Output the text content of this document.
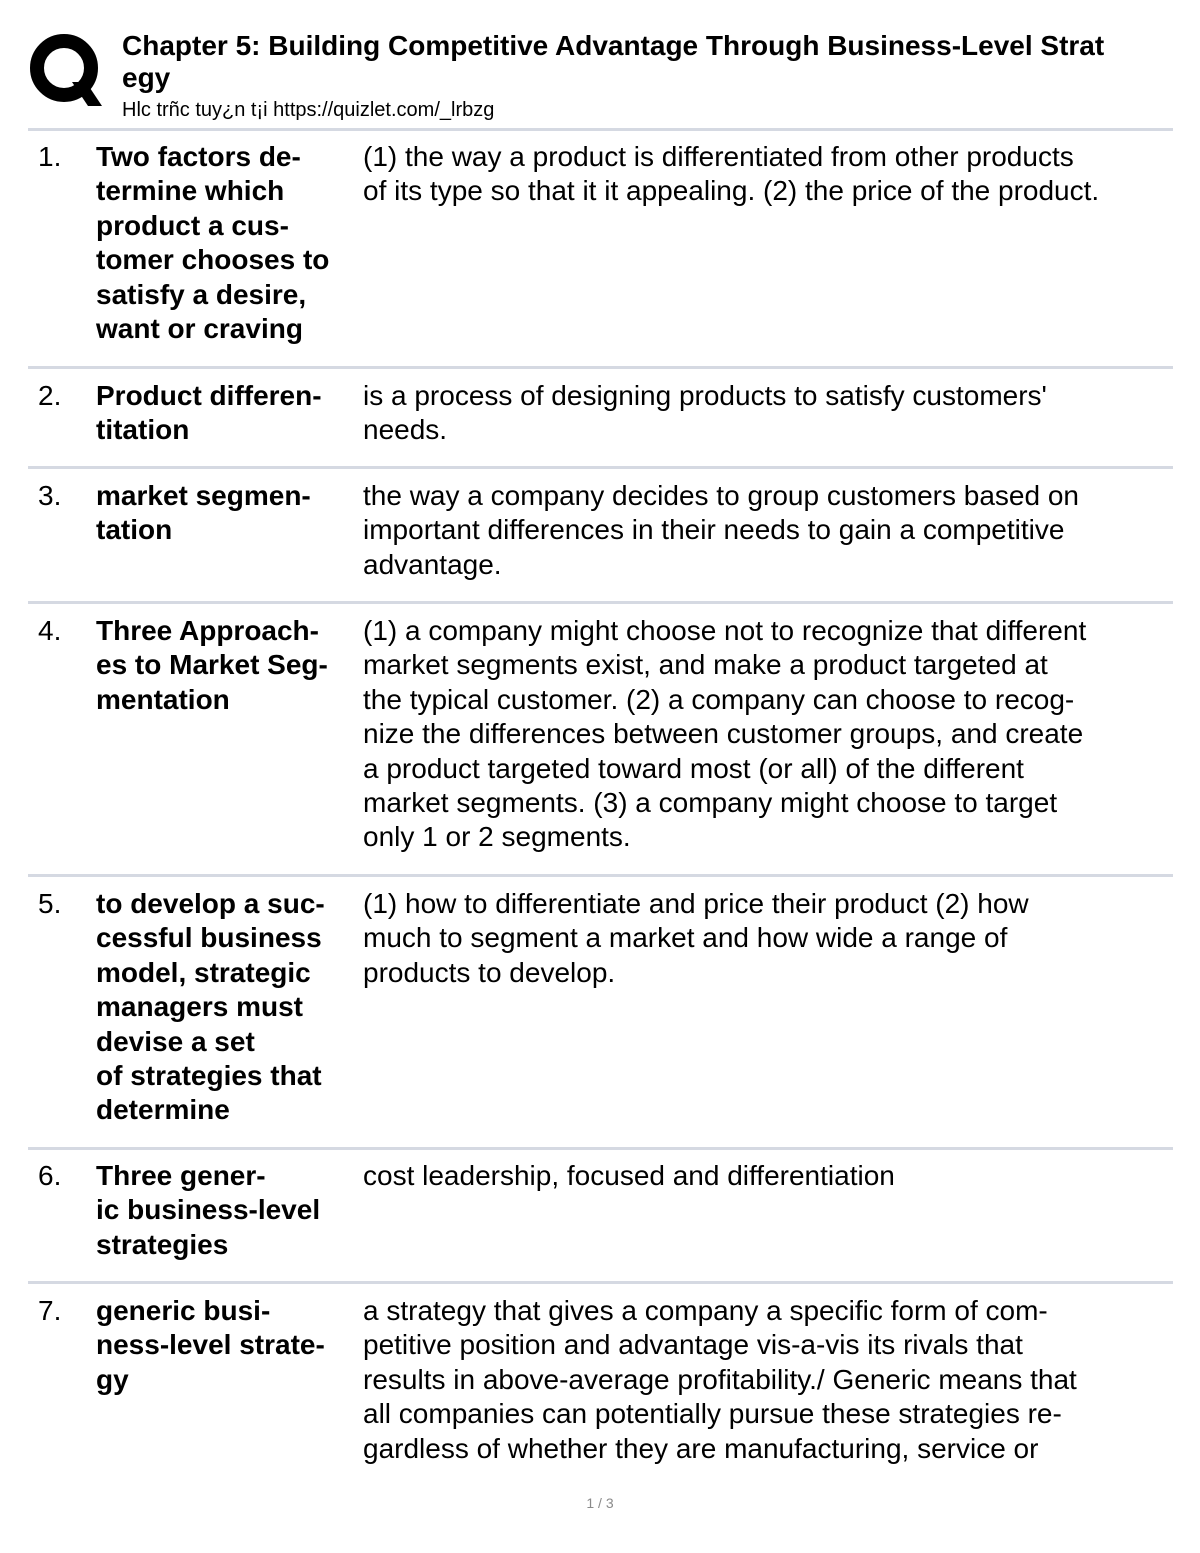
Chapter 5: Building Competitive Advantage Through Business-Level Strat
egy
Hlc trñc tuy¿n t¡i https://quizlet.com/_lrbzg
1. Two factors de-
termine which
product a cus-
tomer chooses to
satisfy a desire,
want or craving
(1) the way a product is differentiated from other products
of its type so that it it appealing. (2) the price of the product.
2. Product differen-
titation
is a process of designing products to satisfy customers'
needs.
3. market segmen-
tation
the way a company decides to group customers based on
important differences in their needs to gain a competitive
advantage.
4. Three Approach-
es to Market Seg-
mentation
(1) a company might choose not to recognize that different
market segments exist, and make a product targeted at
the typical customer. (2) a company can choose to recog-
nize the differences between customer groups, and create
a product targeted toward most (or all) of the different
market segments. (3) a company might choose to target
only 1 or 2 segments.
5. to develop a suc-
cessful business
model, strategic
managers must
devise a set
of strategies that
determine
(1) how to differentiate and price their product (2) how
much to segment a market and how wide a range of
products to develop.
6. Three gener-
ic business-level
strategies
cost leadership, focused and differentiation
7. generic busi-
ness-level strate-
gy
a strategy that gives a company a specific form of com-
petitive position and advantage vis-a-vis its rivals that
results in above-average profitability./ Generic means that
all companies can potentially pursue these strategies re-
gardless of whether they are manufacturing, service or
1 / 3
